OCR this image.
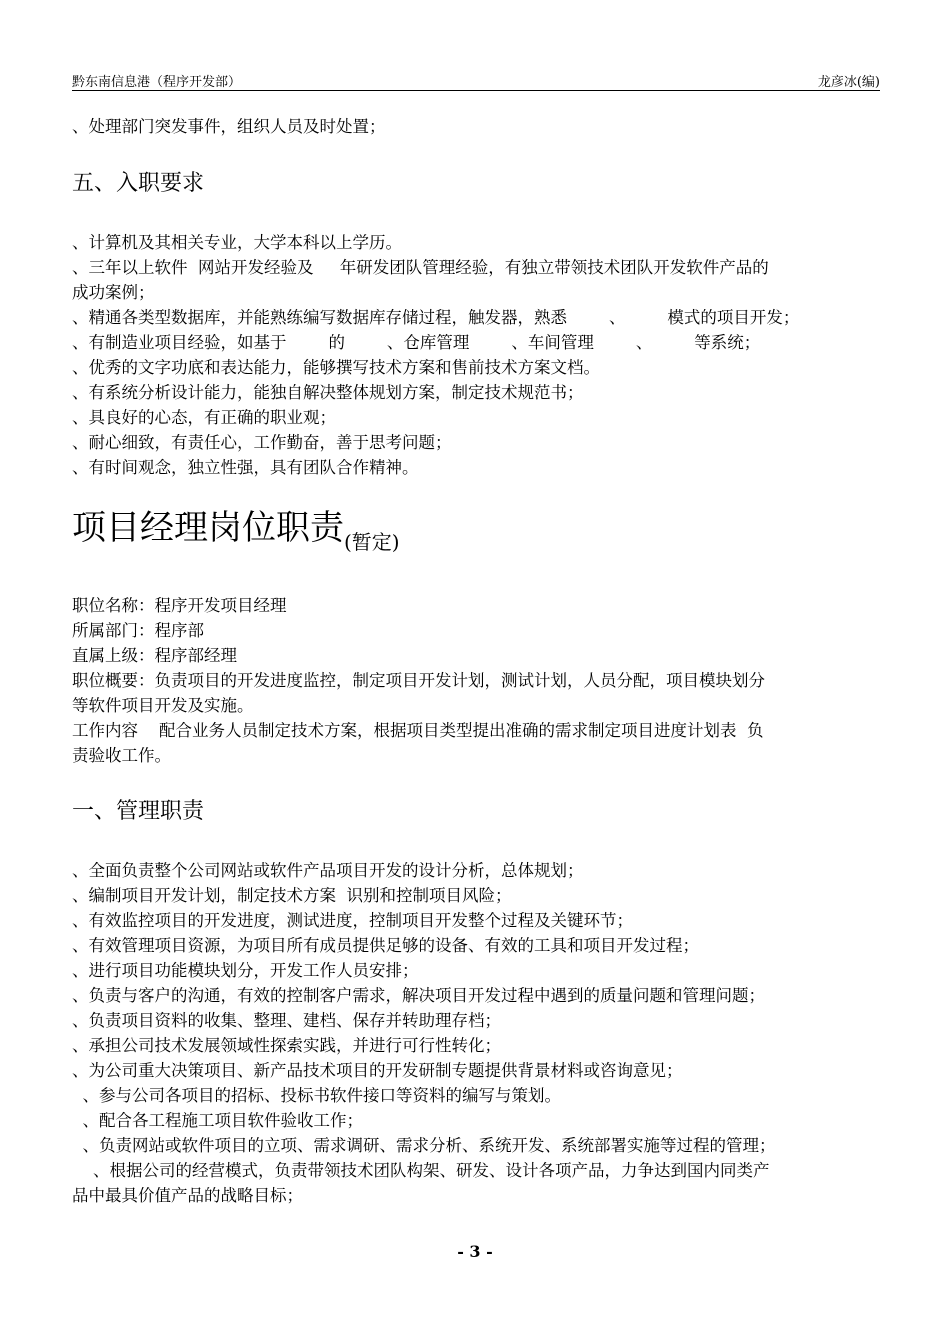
黔东南信息港（程序开发部）	龙彦冰(编)
、处理部门突发事件，组织人员及时处置；
五、入职要求
、计算机及其相关专业，大学本科以上学历。
、三年以上软件  网站开发经验及     年研发团队管理经验，有独立带领技术团队开发软件产品的
成功案例；
、精通各类型数据库，并能熟练编写数据库存储过程，触发器，熟悉        、        模式的项目开发；
、有制造业项目经验，如基于        的        、仓库管理        、车间管理        、        等系统；
、优秀的文字功底和表达能力，能够撰写技术方案和售前技术方案文档。
、有系统分析设计能力，能独自解决整体规划方案，制定技术规范书；
、具良好的心态，有正确的职业观；
、耐心细致，有责任心，工作勤奋，善于思考问题；
、有时间观念，独立性强，具有团队合作精神。
项目经理岗位职责$_{(暂定)}$
职位名称：程序开发项目经理
所属部门：程序部
直属上级：程序部经理
职位概要：负责项目的开发进度监控，制定项目开发计划，测试计划，人员分配，项目模块划分
等软件项目开发及实施。
工作内容    配合业务人员制定技术方案，根据项目类型提出准确的需求制定项目进度计划表  负
责验收工作。
一、管理职责
、全面负责整个公司网站或软件产品项目开发的设计分析，总体规划；
、编制项目开发计划，制定技术方案  识别和控制项目风险；
、有效监控项目的开发进度，测试进度，控制项目开发整个过程及关键环节；
、有效管理项目资源，为项目所有成员提供足够的设备、有效的工具和项目开发过程；
、进行项目功能模块划分，开发工作人员安排；
、负责与客户的沟通，有效的控制客户需求，解决项目开发过程中遇到的质量问题和管理问题；
、负责项目资料的收集、整理、建档、保存并转助理存档；
、承担公司技术发展领域性探索实践，并进行可行性转化；
、为公司重大决策项目、新产品技术项目的开发研制专题提供背景材料或咨询意见；
、参与公司各项目的招标、投标书软件接口等资料的编写与策划。
、配合各工程施工项目软件验收工作；
、负责网站或软件项目的立项、需求调研、需求分析、系统开发、系统部署实施等过程的管理；
、根据公司的经营模式，负责带领技术团队构架、研发、设计各项产品，力争达到国内同类产
品中最具价值产品的战略目标；
- 3 -
